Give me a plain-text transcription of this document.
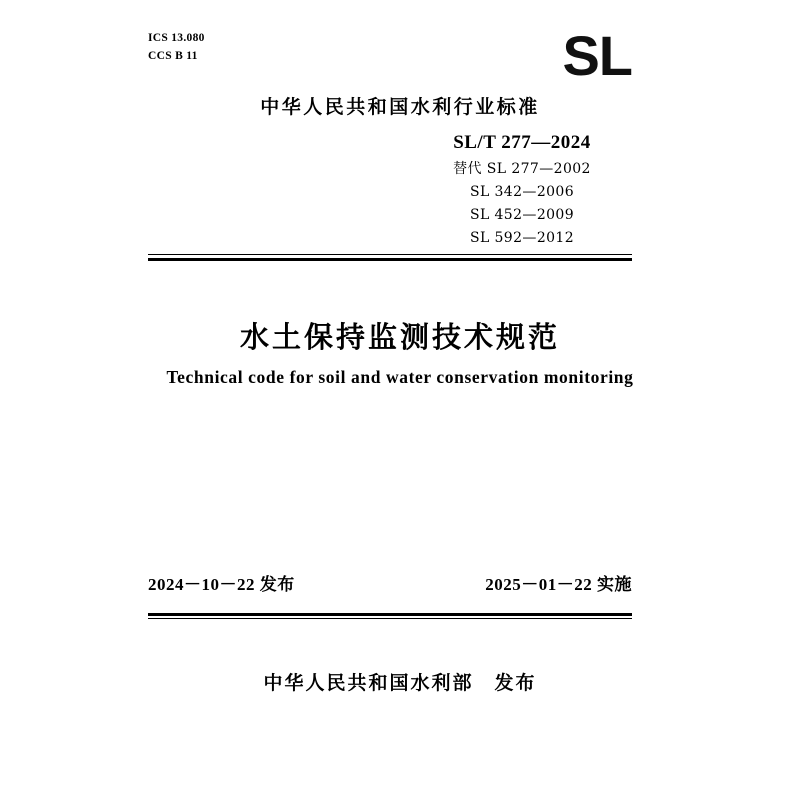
ICS 13.080
CCS B 11	SL
中华人民共和国水利行业标准
SL/T 277—2024
替代 SL 277—2002
SL 342—2006
SL 452—2009
SL 592—2012
水土保持监测技术规范
Technical code for soil and water conservation monitoring
2024－10－22 发布	2025－01－22 实施
中华人民共和国水利部　发布
